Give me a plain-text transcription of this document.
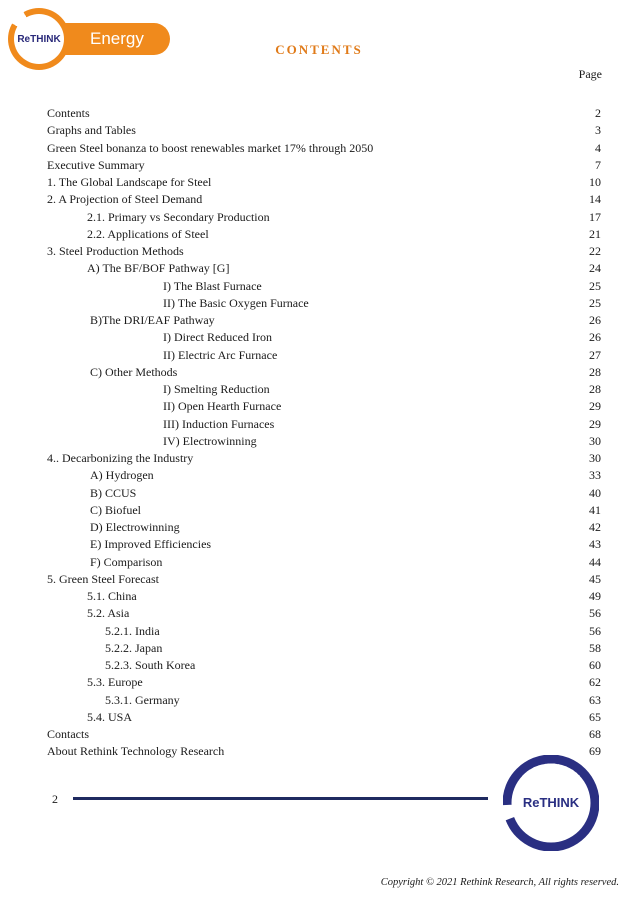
Energy
ReTHINK
CONTENTS
Page
Contents	2
Graphs and Tables	3
Green Steel bonanza to boost renewables market 17% through 2050	4
Executive Summary	7
1. The Global Landscape for Steel	10
2. A Projection of Steel Demand	14
2.1. Primary vs Secondary Production	17
2.2. Applications of Steel	21
3. Steel Production Methods	22
A) The BF/BOF Pathway [G]	24
I) The Blast Furnace	25
II) The Basic Oxygen Furnace	25
B)The DRI/EAF Pathway	26
I) Direct Reduced Iron	26
II) Electric Arc Furnace	27
C) Other Methods	28
I) Smelting Reduction	28
II) Open Hearth Furnace	29
III) Induction Furnaces	29
IV) Electrowinning	30
4.. Decarbonizing the Industry	30
A) Hydrogen	33
B) CCUS	40
C) Biofuel	41
D) Electrowinning	42
E) Improved Efficiencies	43
F) Comparison	44
5. Green Steel Forecast	45
5.1. China	49
5.2. Asia	56
5.2.1. India	56
5.2.2. Japan	58
5.2.3. South Korea	60
5.3. Europe	62
5.3.1. Germany	63
5.4. USA	65
Contacts	68
About Rethink Technology Research	69
2
TECHNOLOGY
RESEARCH
ReTHINK
Copyright © 2021 Rethink Research, All rights reserved.
